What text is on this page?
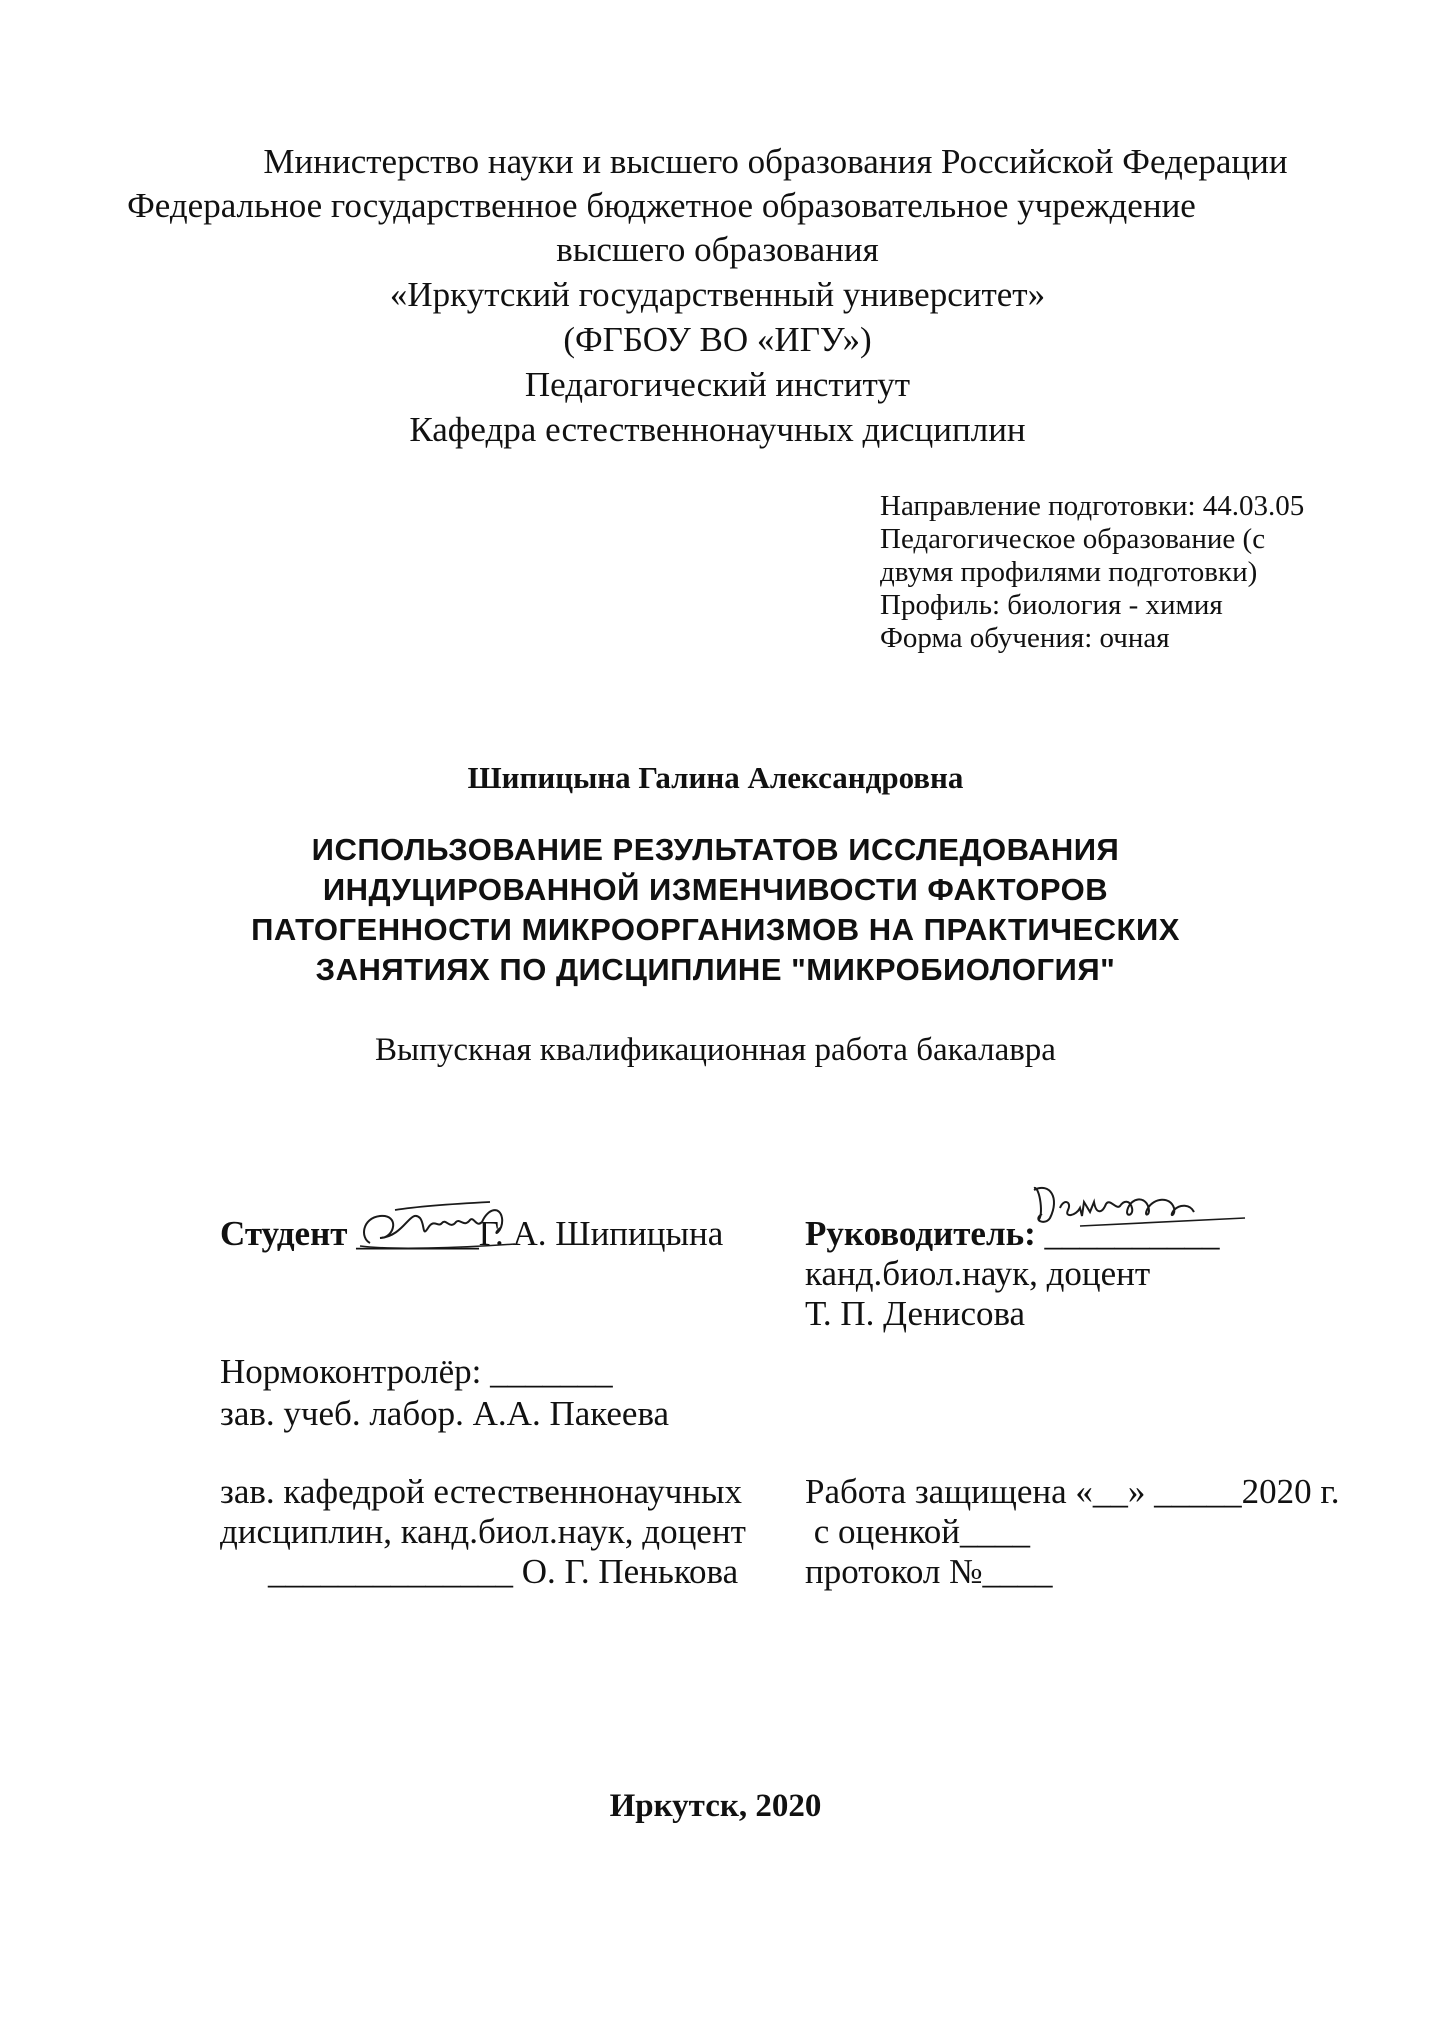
Министерство науки и высшего образования Российской Федерации
Федеральное государственное бюджетное образовательное учреждение
высшего образования
«Иркутский государственный университет»
(ФГБОУ ВО «ИГУ»)
Педагогический институт
Кафедра естественнонаучных дисциплин
Направление подготовки: 44.03.05
Педагогическое образование (с
двумя профилями подготовки)
Профиль: биология - химия
Форма обучения: очная
Шипицына Галина Александровна
ИСПОЛЬЗОВАНИЕ РЕЗУЛЬТАТОВ ИССЛЕДОВАНИЯ
ИНДУЦИРОВАННОЙ ИЗМЕНЧИВОСТИ ФАКТОРОВ
ПАТОГЕННОСТИ МИКРООРГАНИЗМОВ НА ПРАКТИЧЕСКИХ
ЗАНЯТИЯХ ПО ДИСЦИПЛИНЕ "МИКРОБИОЛОГИЯ"
Выпускная квалификационная работа бакалавра
Студент _______Г. А. Шипицына Руководитель: __________
канд.биол.наук, доцент
Т. П. Денисова
Нормоконтролёр: _______
зав. учеб. лабор. А.А. Пакеева
зав. кафедрой естественнонаучных
дисциплин, канд.биол.наук, доцент
______________ О. Г. Пенькова
Работа защищена «__» _____2020 г.
с оценкой____
протокол №____
Иркутск, 2020
